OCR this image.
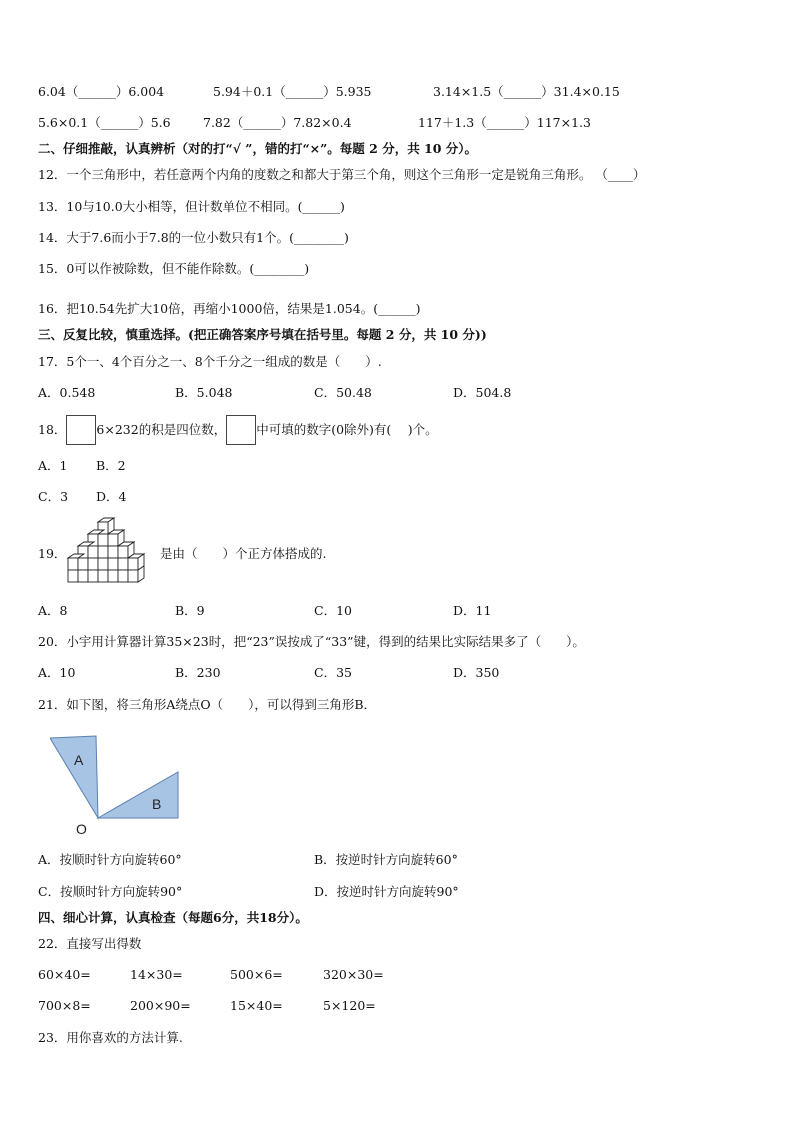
6.04（______）6.004	5.94＋0.1（______）5.935	3.14×1.5（______）31.4×0.15
5.6×0.1（______）5.6	7.82（______）7.82×0.4	117＋1.3（______）117×1.3
二、仔细推敲，认真辨析（对的打“√ ”，错的打“×”。每题 2 分，共 10 分）。
12．一个三角形中，若任意两个内角的度数之和都大于第三个角，则这个三角形一定是锐角三角形。 （____）
13．10与10.0大小相等，但计数单位不相同。(______)
14．大于7.6而小于7.8的一位小数只有1个。(________)
15．0可以作被除数，但不能作除数。(________)
16．把10.54先扩大10倍，再缩小1000倍，结果是1.054。(______)
三、反复比较，慎重选择。(把正确答案序号填在括号里。每题 2 分，共 10 分))
17．5个一、4个百分之一、8个千分之一组成的数是（　　）.
A．0.548	B．5.048	C．50.48	D．504.8
18． 6×232的积是四位数， 中可填的数字(0除外)有(　 )个。
A．1 B．2
C．3 D．4
19．	是由（　　）个正方体搭成的.
A．8	B．9	C．10	D．11
20．小宇用计算器计算35×23时，把“23”误按成了“33”键，得到的结果比实际结果多了（　　）。
A．10	B．230	C．35	D．350
21．如下图，将三角形A绕点O（　　），可以得到三角形B．
A
B
O
A．按顺时针方向旋转60°	B．按逆时针方向旋转60°
C．按顺时针方向旋转90°	D．按逆时针方向旋转90°
四、细心计算，认真检查（每题6分，共18分）。
22．直接写出得数
60×40=	14×30=	500×6=	320×30=
700×8=	200×90=	15×40=	5×120=
23．用你喜欢的方法计算.
